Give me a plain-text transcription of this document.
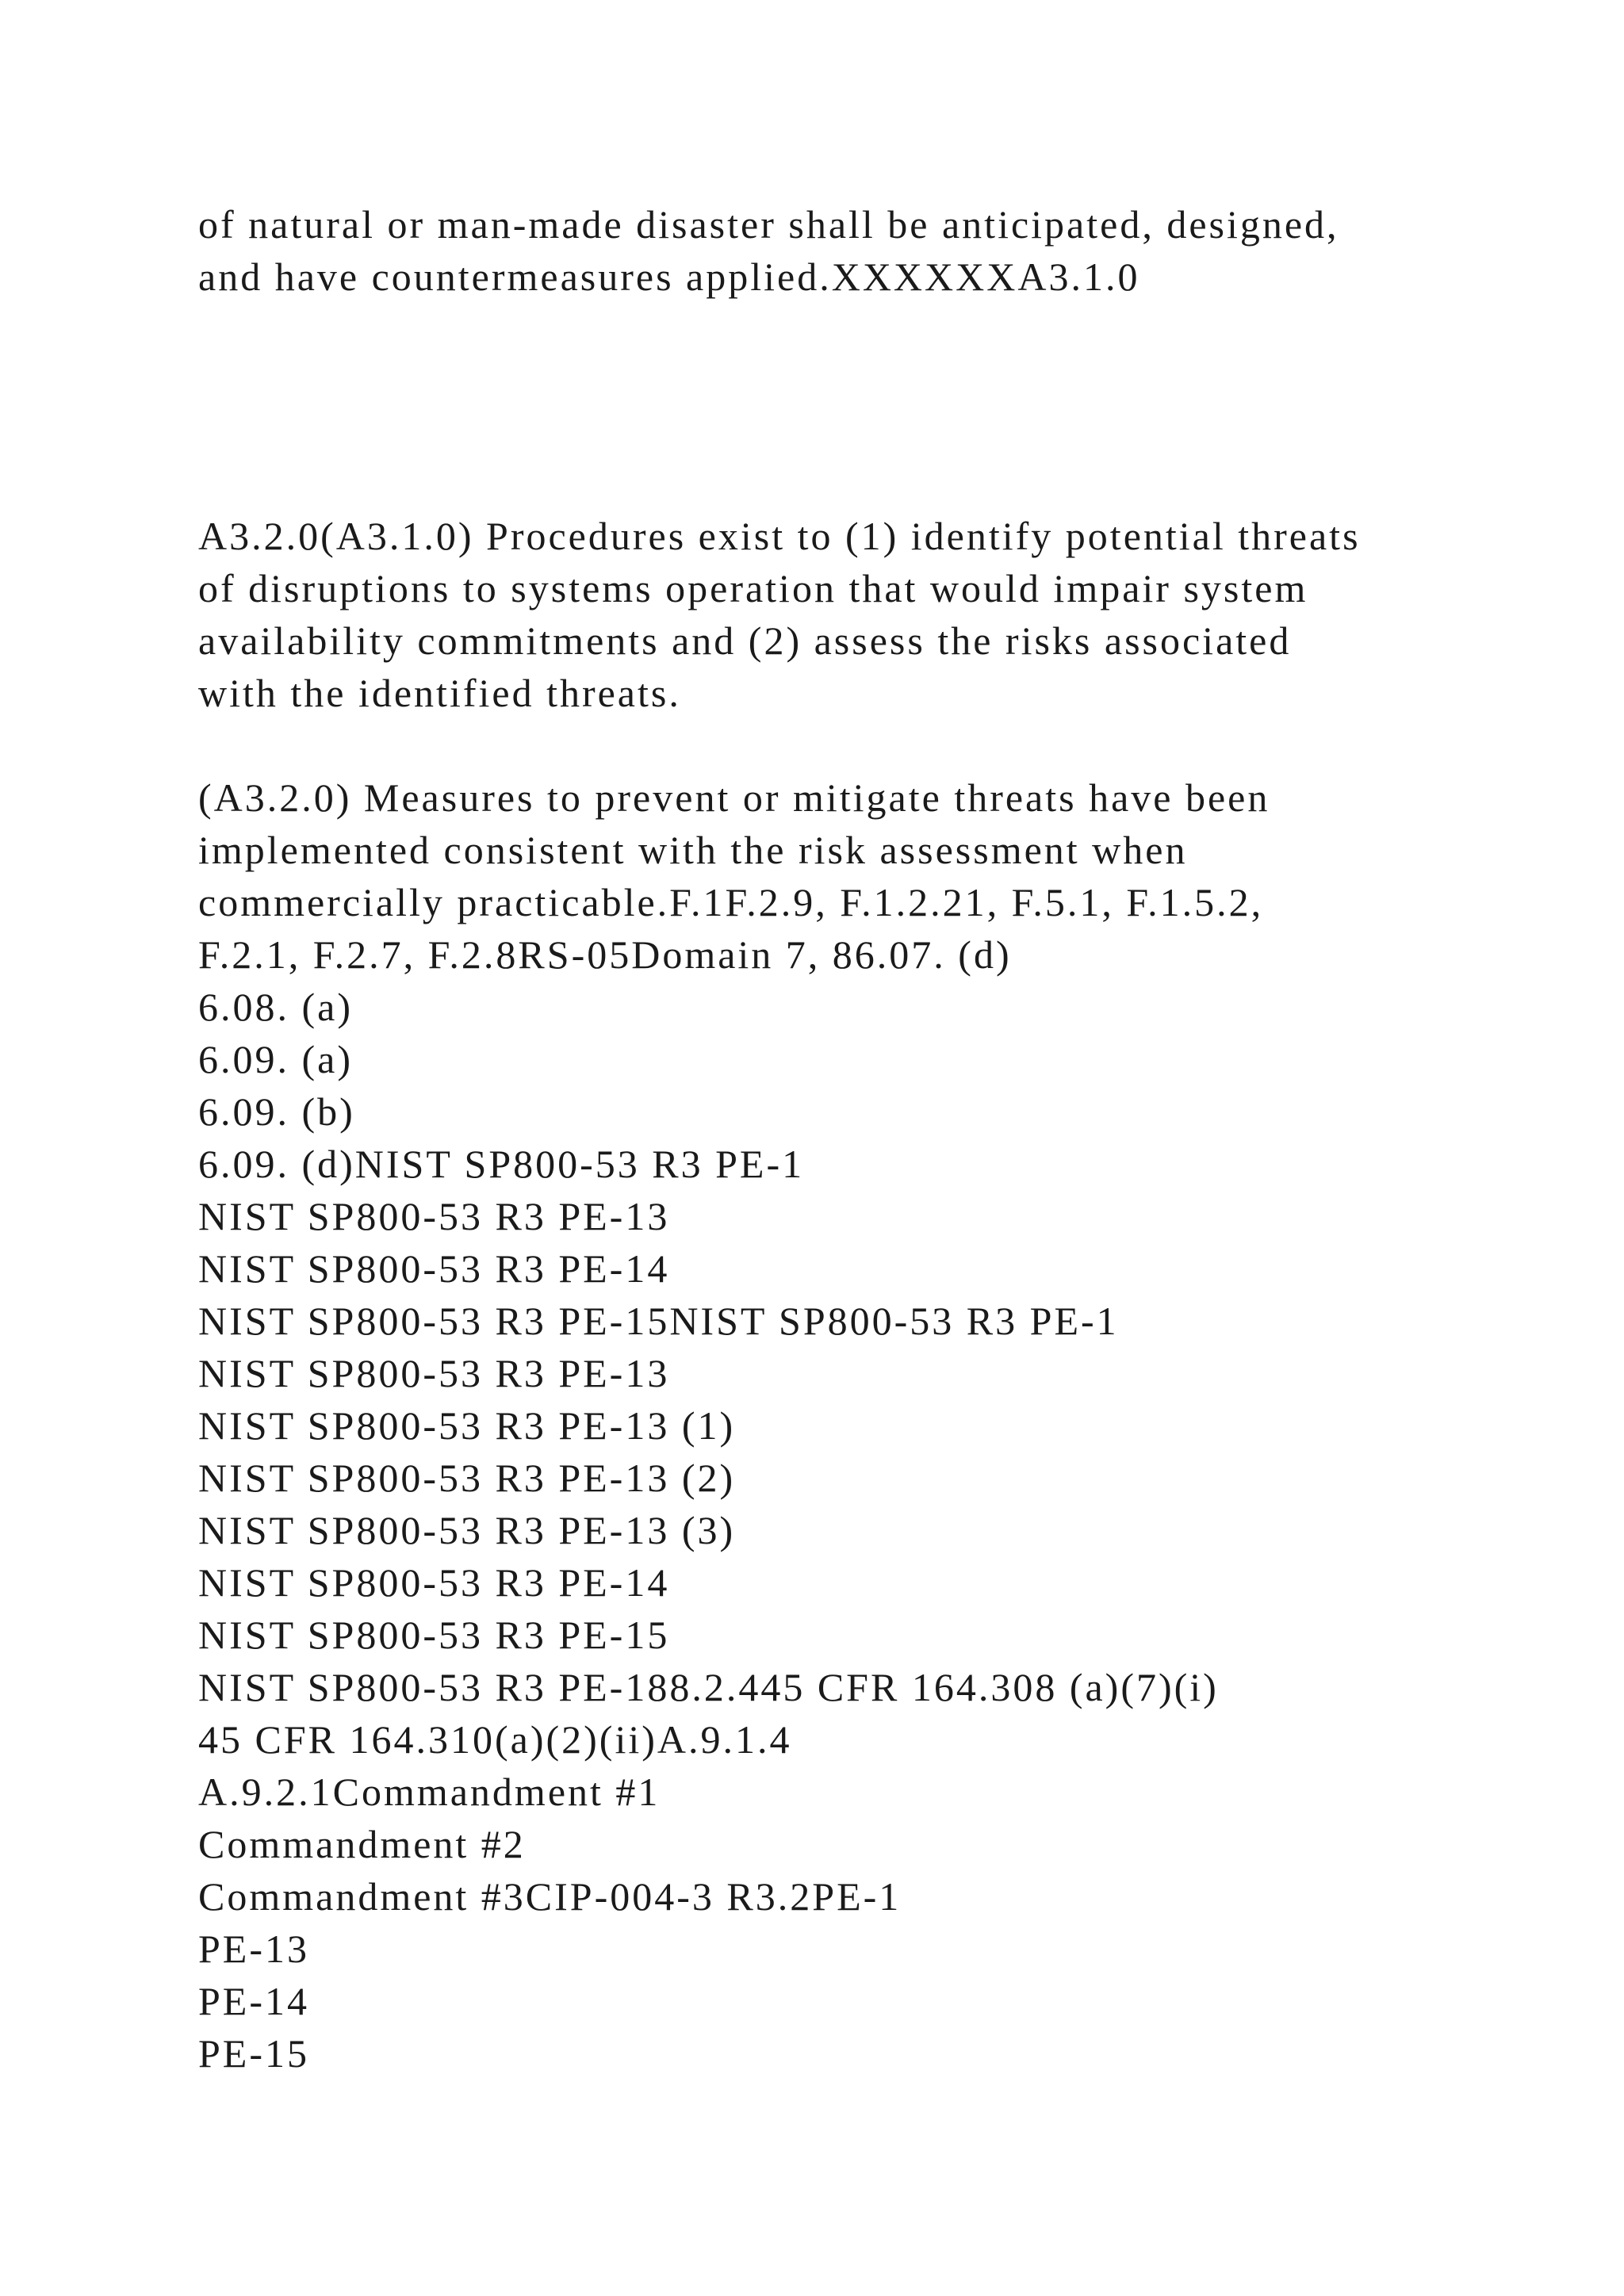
of natural or man-made disaster shall be anticipated, designed,

and have countermeasures applied.XXXXXXA3.1.0

A3.2.0(A3.1.0) Procedures exist to (1) identify potential threats

of disruptions to systems operation that would impair system

availability commitments and (2) assess the risks associated

with the identified threats.

(A3.2.0) Measures to prevent or mitigate threats have been

implemented consistent with the risk assessment when

commercially practicable.F.1F.2.9, F.1.2.21, F.5.1, F.1.5.2,

F.2.1, F.2.7, F.2.8RS-05Domain 7, 86.07. (d)

6.08. (a)

6.09. (a)

6.09. (b)

6.09. (d)NIST SP800-53 R3 PE-1

NIST SP800-53 R3 PE-13

NIST SP800-53 R3 PE-14

NIST SP800-53 R3 PE-15NIST SP800-53 R3 PE-1

NIST SP800-53 R3 PE-13

NIST SP800-53 R3 PE-13 (1)

NIST SP800-53 R3 PE-13 (2)

NIST SP800-53 R3 PE-13 (3)

NIST SP800-53 R3 PE-14

NIST SP800-53 R3 PE-15

NIST SP800-53 R3 PE-188.2.445 CFR 164.308 (a)(7)(i)

45 CFR 164.310(a)(2)(ii)A.9.1.4

A.9.2.1Commandment #1

Commandment #2

Commandment #3CIP-004-3 R3.2PE-1

PE-13

PE-14

PE-15
